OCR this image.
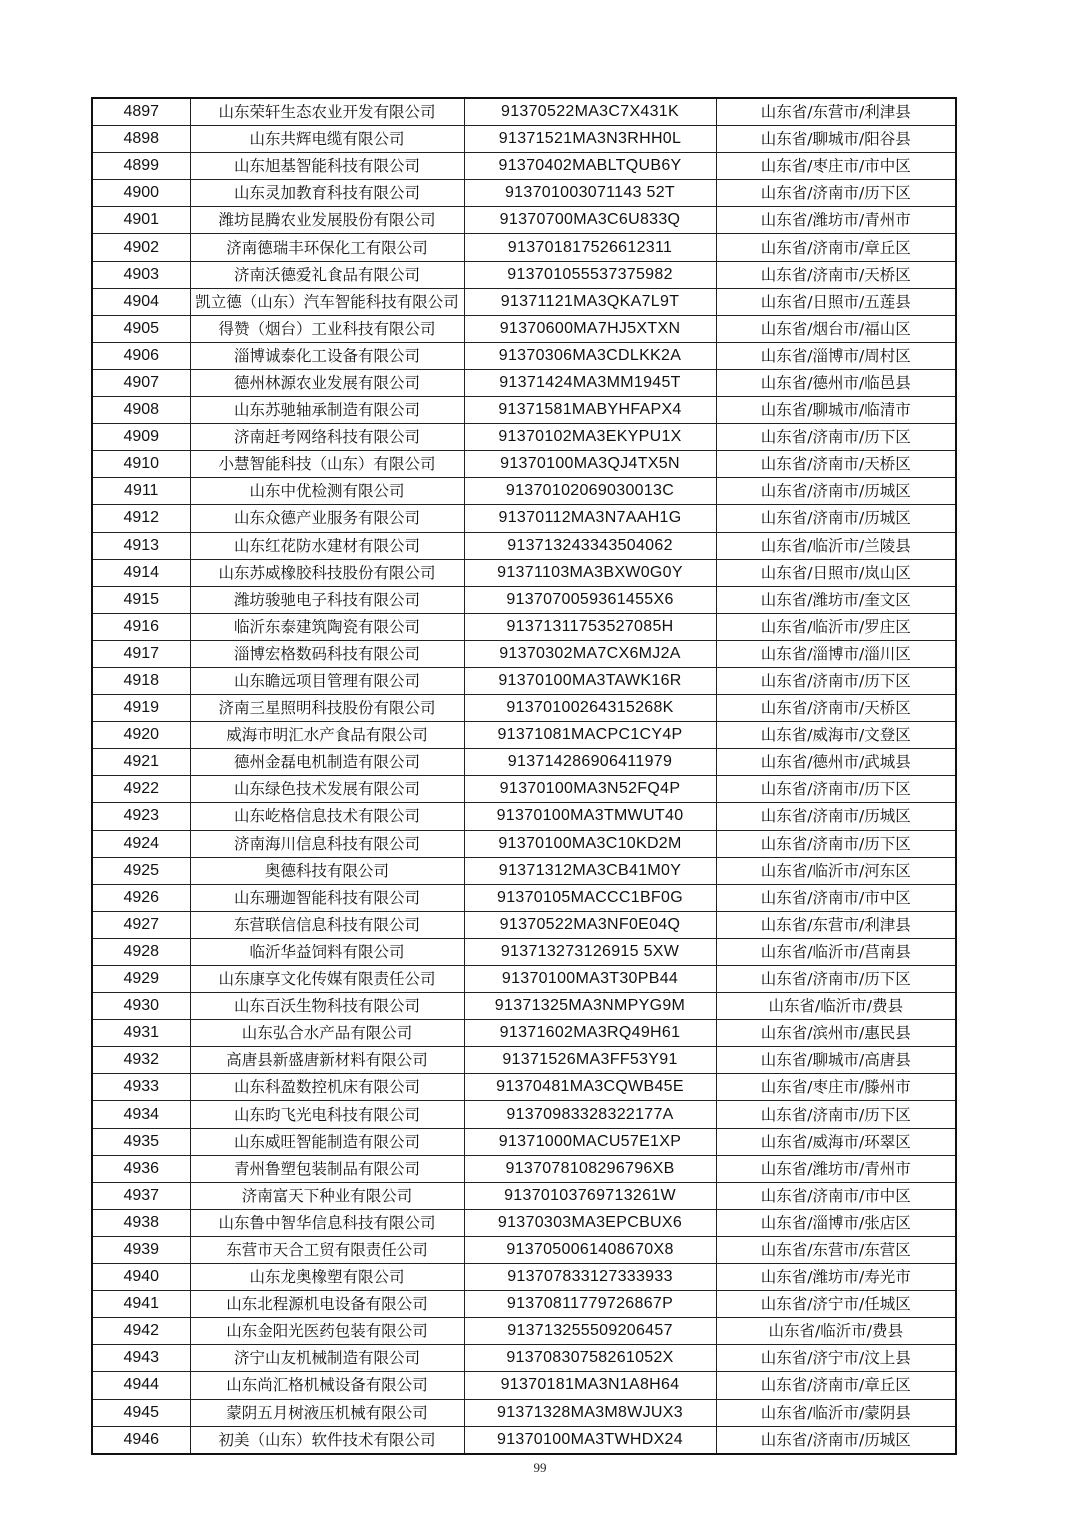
4897	山东荣轩生态农业开发有限公司	91370522MA3C7X431K	山东省/东营市/利津县
4898	山东共辉电缆有限公司	91371521MA3N3RHH0L	山东省/聊城市/阳谷县
4899	山东旭基智能科技有限公司	91370402MABLTQUB6Y	山东省/枣庄市/市中区
4900	山东灵加教育科技有限公司	913701003071143 52T	山东省/济南市/历下区
4901	潍坊昆腾农业发展股份有限公司	91370700MA3C6U833Q	山东省/潍坊市/青州市
4902	济南德瑞丰环保化工有限公司	913701817526612311	山东省/济南市/章丘区
4903	济南沃德爱礼食品有限公司	913701055537375982	山东省/济南市/天桥区
4904	凯立德（山东）汽车智能科技有限公司	91371121MA3QKA7L9T	山东省/日照市/五莲县
4905	得赞（烟台）工业科技有限公司	91370600MA7HJ5XTXN	山东省/烟台市/福山区
4906	淄博诚泰化工设备有限公司	91370306MA3CDLKK2A	山东省/淄博市/周村区
4907	德州林源农业发展有限公司	91371424MA3MM1945T	山东省/德州市/临邑县
4908	山东苏驰轴承制造有限公司	91371581MABYHFAPX4	山东省/聊城市/临清市
4909	济南赶考网络科技有限公司	91370102MA3EKYPU1X	山东省/济南市/历下区
4910	小慧智能科技（山东）有限公司	91370100MA3QJ4TX5N	山东省/济南市/天桥区
4911	山东中优检测有限公司	91370102069030013C	山东省/济南市/历城区
4912	山东众德产业服务有限公司	91370112MA3N7AAH1G	山东省/济南市/历城区
4913	山东红花防水建材有限公司	913713243343504062	山东省/临沂市/兰陵县
4914	山东苏威橡胶科技股份有限公司	91371103MA3BXW0G0Y	山东省/日照市/岚山区
4915	潍坊骏驰电子科技有限公司	9137070059361455X6	山东省/潍坊市/奎文区
4916	临沂东泰建筑陶瓷有限公司	91371311753527085H	山东省/临沂市/罗庄区
4917	淄博宏格数码科技有限公司	91370302MA7CX6MJ2A	山东省/淄博市/淄川区
4918	山东瞻远项目管理有限公司	91370100MA3TAWK16R	山东省/济南市/历下区
4919	济南三星照明科技股份有限公司	91370100264315268K	山东省/济南市/天桥区
4920	威海市明汇水产食品有限公司	91371081MACPC1CY4P	山东省/威海市/文登区
4921	德州金磊电机制造有限公司	913714286906411979	山东省/德州市/武城县
4922	山东绿色技术发展有限公司	91370100MA3N52FQ4P	山东省/济南市/历下区
4923	山东屹格信息技术有限公司	91370100MA3TMWUT40	山东省/济南市/历城区
4924	济南海川信息科技有限公司	91370100MA3C10KD2M	山东省/济南市/历下区
4925	奥德科技有限公司	91371312MA3CB41M0Y	山东省/临沂市/河东区
4926	山东珊迦智能科技有限公司	91370105MACCC1BF0G	山东省/济南市/市中区
4927	东营联信信息科技有限公司	91370522MA3NF0E04Q	山东省/东营市/利津县
4928	临沂华益饲料有限公司	913713273126915 5XW	山东省/临沂市/莒南县
4929	山东康享文化传媒有限责任公司	91370100MA3T30PB44	山东省/济南市/历下区
4930	山东百沃生物科技有限公司	91371325MA3NMPYG9M	山东省/临沂市/费县
4931	山东弘合水产品有限公司	91371602MA3RQ49H61	山东省/滨州市/惠民县
4932	高唐县新盛唐新材料有限公司	91371526MA3FF53Y91	山东省/聊城市/高唐县
4933	山东科盈数控机床有限公司	91370481MA3CQWB45E	山东省/枣庄市/滕州市
4934	山东昀飞光电科技有限公司	91370983328322177A	山东省/济南市/历下区
4935	山东威旺智能制造有限公司	91371000MACU57E1XP	山东省/威海市/环翠区
4936	青州鲁塑包装制品有限公司	9137078108296796XB	山东省/潍坊市/青州市
4937	济南富天下种业有限公司	91370103769713261W	山东省/济南市/市中区
4938	山东鲁中智华信息科技有限公司	91370303MA3EPCBUX6	山东省/淄博市/张店区
4939	东营市天合工贸有限责任公司	9137050061408670X8	山东省/东营市/东营区
4940	山东龙奥橡塑有限公司	913707833127333933	山东省/潍坊市/寿光市
4941	山东北程源机电设备有限公司	91370811779726867P	山东省/济宁市/任城区
4942	山东金阳光医药包装有限公司	913713255509206457	山东省/临沂市/费县
4943	济宁山友机械制造有限公司	91370830758261052X	山东省/济宁市/汶上县
4944	山东尚汇格机械设备有限公司	91370181MA3N1A8H64	山东省/济南市/章丘区
4945	蒙阴五月树液压机械有限公司	91371328MA3M8WJUX3	山东省/临沂市/蒙阴县
4946	初美（山东）软件技术有限公司	91370100MA3TWHDX24	山东省/济南市/历城区
99
